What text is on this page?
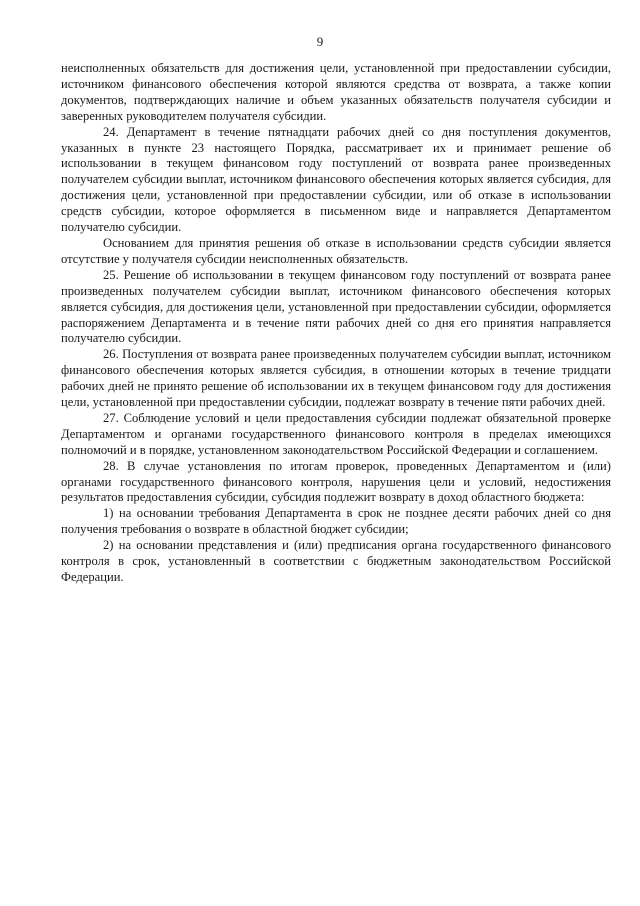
9

неисполненных обязательств для достижения цели, установленной при предоставлении субсидии, источником финансового обеспечения которой являются средства от возврата, а также копии документов, подтверждающих наличие и объем указанных обязательств получателя субсидии и заверенных руководителем получателя субсидии.

24. Департамент в течение пятнадцати рабочих дней со дня поступления документов, указанных в пункте 23 настоящего Порядка, рассматривает их и принимает решение об использовании в текущем финансовом году поступлений от возврата ранее произведенных получателем субсидии выплат, источником финансового обеспечения которых является субсидия, для достижения цели, установленной при предоставлении субсидии, или об отказе в использовании средств субсидии, которое оформляется в письменном виде и направляется Департаментом получателю субсидии.

Основанием для принятия решения об отказе в использовании средств субсидии является отсутствие у получателя субсидии неисполненных обязательств.

25. Решение об использовании в текущем финансовом году поступлений от возврата ранее произведенных получателем субсидии выплат, источником финансового обеспечения которых является субсидия, для достижения цели, установленной при предоставлении субсидии, оформляется распоряжением Департамента и в течение пяти рабочих дней со дня его принятия направляется получателю субсидии.

26. Поступления от возврата ранее произведенных получателем субсидии выплат, источником финансового обеспечения которых является субсидия, в отношении которых в течение тридцати рабочих дней не принято решение об использовании их в текущем финансовом году для достижения цели, установленной при предоставлении субсидии, подлежат возврату в течение пяти рабочих дней.

27. Соблюдение условий и цели предоставления субсидии подлежат обязательной проверке Департаментом и органами государственного финансового контроля в пределах имеющихся полномочий и в порядке, установленном законодательством Российской Федерации и соглашением.

28. В случае установления по итогам проверок, проведенных Департаментом и (или) органами государственного финансового контроля, нарушения цели и условий, недостижения результатов предоставления субсидии, субсидия подлежит возврату в доход областного бюджета:

1) на основании требования Департамента в срок не позднее десяти рабочих дней со дня получения требования о возврате в областной бюджет субсидии;

2) на основании представления и (или) предписания органа государственного финансового контроля в срок, установленный в соответствии с бюджетным законодательством Российской Федерации.
